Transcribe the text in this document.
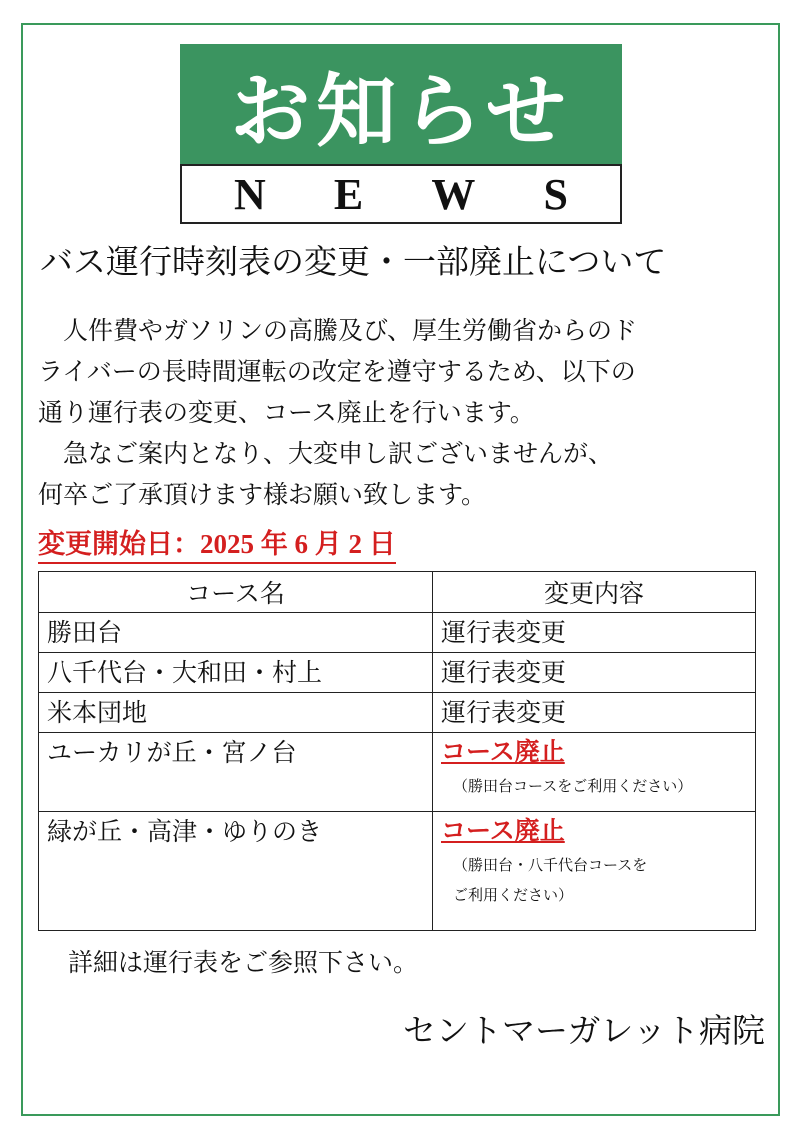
お知らせ
N E W S
バス運行時刻表の変更・一部廃止について

　人件費やガソリンの高騰及び、厚生労働省からのド

ライバーの長時間運転の改定を遵守するため、以下の

通り運行表の変更、コース廃止を行います。

　急なご案内となり、大変申し訳ございませんが、

何卒ご了承頂けます様お願い致します。

変更開始日：2025 年 6 月 2 日
コース名	変更内容

勝田台	運行表変更

八千代台・大和田・村上	運行表変更

米本団地	運行表変更

ユーカリが丘・宮ノ台	コース廃止
（勝田台コースをご利用ください）

緑が丘・高津・ゆりのき	コース廃止
（勝田台・八千代台コースを
ご利用ください）
詳細は運行表をご参照下さい。
セントマーガレット病院
